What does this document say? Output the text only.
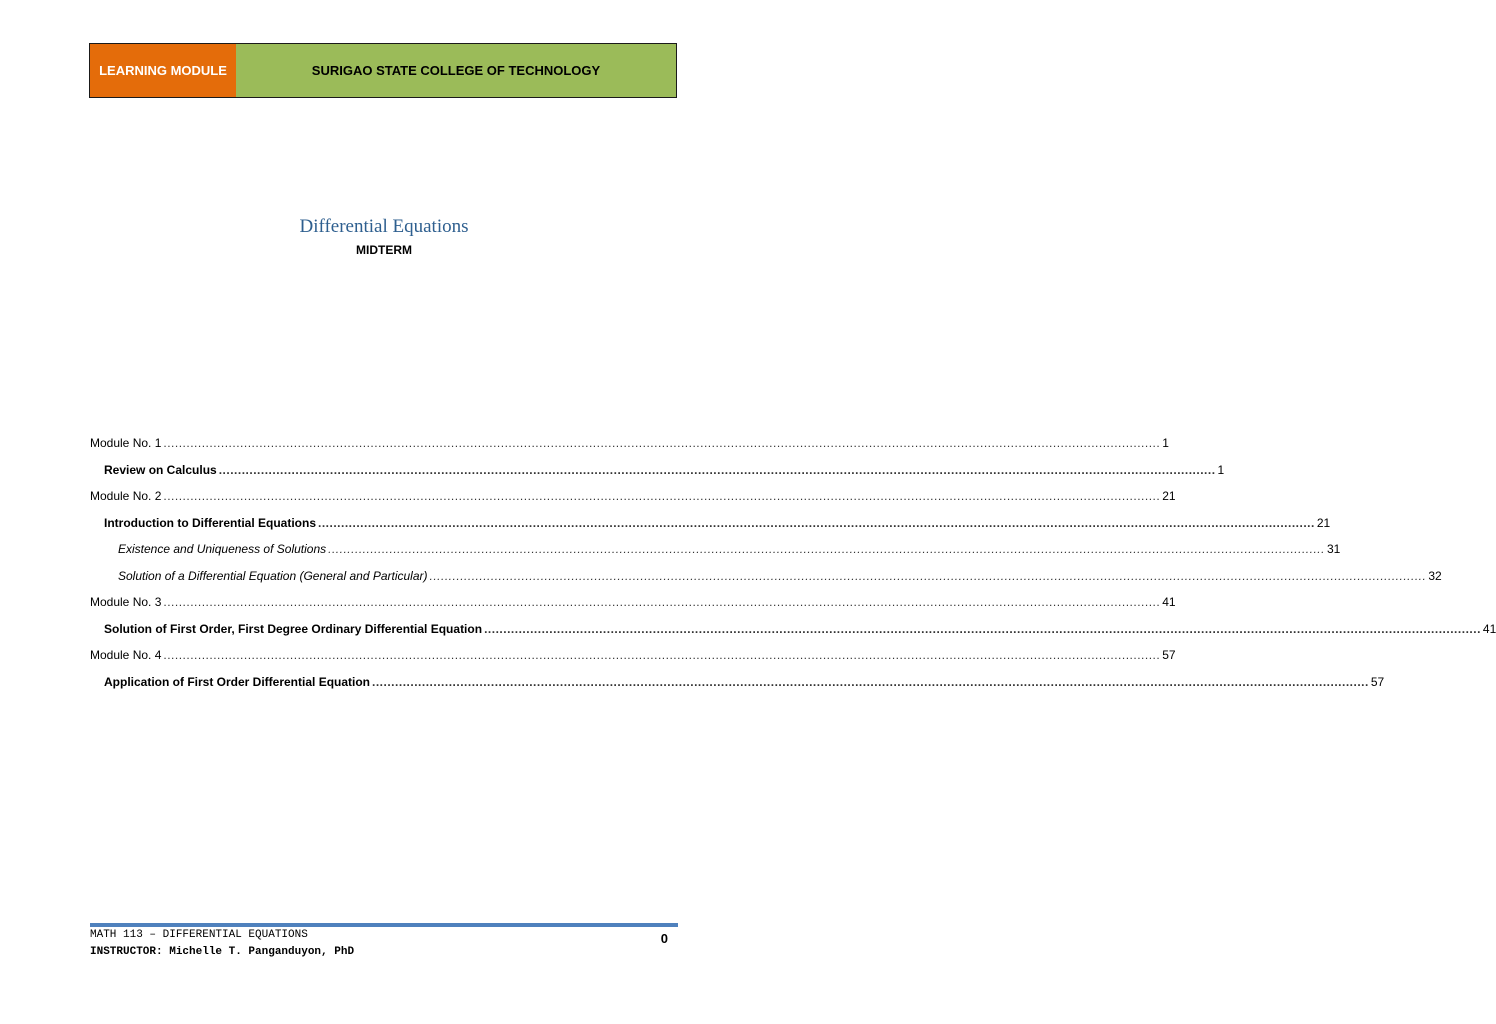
LEARNING MODULE	SURIGAO STATE COLLEGE OF TECHNOLOGY
Differential Equations
MIDTERM
Module No. 1 .................................................................................................................................................................................................................................................................... 1
Review on Calculus .................................................................................................................................................................................................................................................................... 1
Module No. 2 .................................................................................................................................................................................................................................................................... 21
Introduction to Differential Equations .................................................................................................................................................................................................................................................................... 21
Existence and Uniqueness of Solutions .................................................................................................................................................................................................................................................................... 31
Solution of a Differential Equation (General and Particular) .................................................................................................................................................................................................................................................................... 32
Module No. 3 .................................................................................................................................................................................................................................................................... 41
Solution of First Order, First Degree Ordinary Differential Equation .................................................................................................................................................................................................................................................................... 41
Module No. 4 .................................................................................................................................................................................................................................................................... 57
Application of First Order Differential Equation .................................................................................................................................................................................................................................................................... 57
MATH 113 – DIFFERENTIAL EQUATIONS
INSTRUCTOR: Michelle T. Panganduyon, PhD
0
